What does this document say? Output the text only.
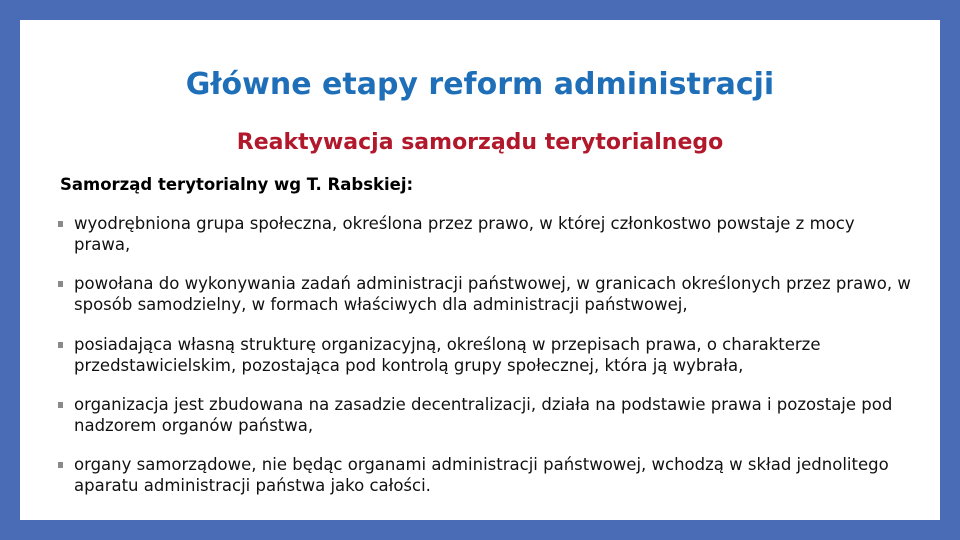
Główne etapy reform administracji
Reaktywacja samorządu terytorialnego
Samorząd terytorialny wg T. Rabskiej:
wyodrębniona grupa społeczna, określona przez prawo, w której członkostwo powstaje z mocy prawa,
powołana do wykonywania zadań administracji państwowej, w granicach określonych przez prawo, w sposób samodzielny, w formach właściwych dla administracji państwowej,
posiadająca własną strukturę organizacyjną, określoną w przepisach prawa, o charakterze przedstawicielskim, pozostająca pod kontrolą grupy społecznej, która ją wybrała,
organizacja jest zbudowana na zasadzie decentralizacji, działa na podstawie prawa i pozostaje pod nadzorem organów państwa,
organy samorządowe, nie będąc organami administracji państwowej, wchodzą w skład jednolitego aparatu administracji państwa jako całości.
